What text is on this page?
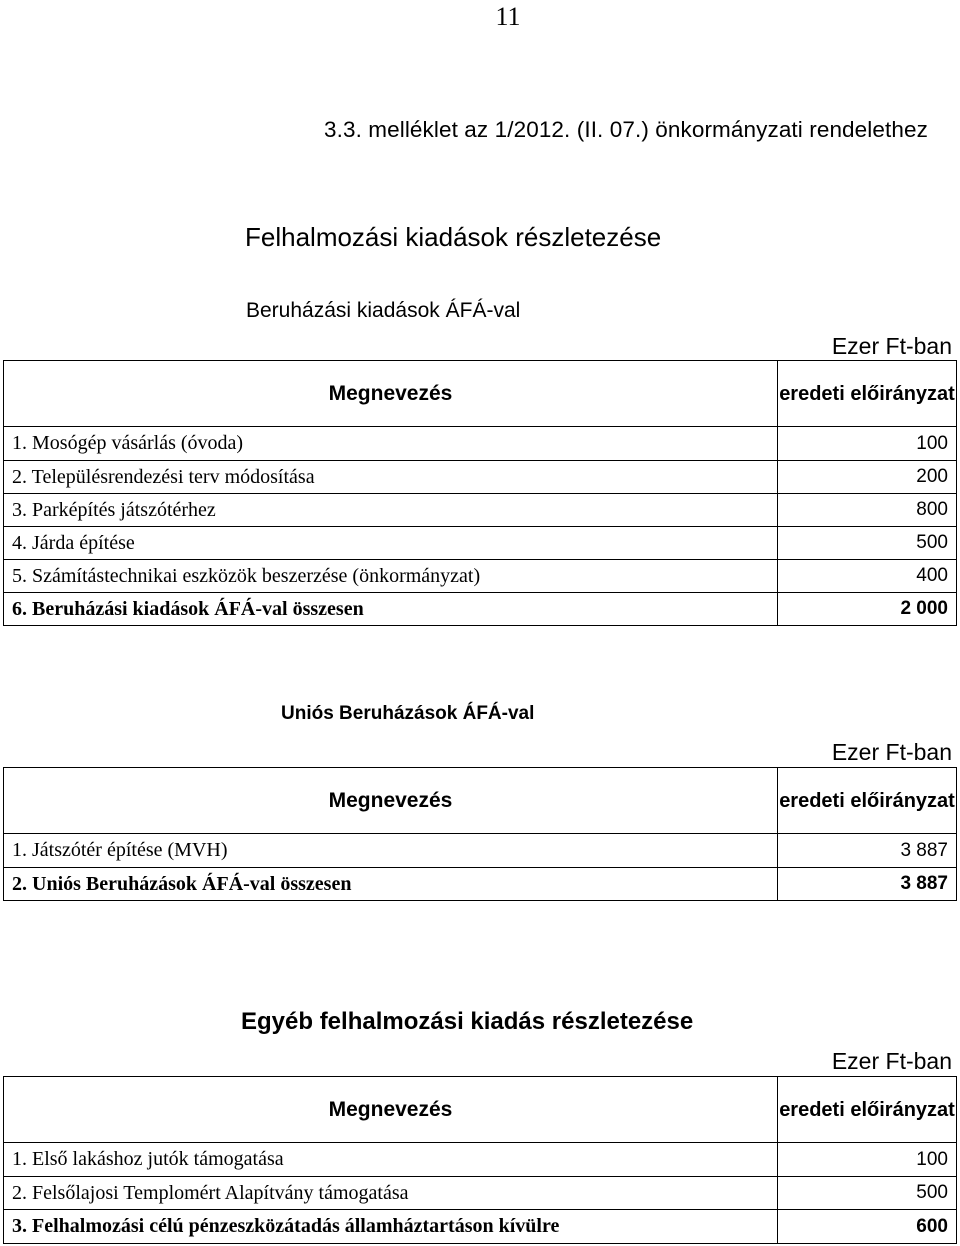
11
3.3. melléklet az 1/2012. (II. 07.) önkormányzati rendelethez
Felhalmozási kiadások részletezése
Beruházási kiadások ÁFÁ-val
Ezer Ft-ban
Megnevezés	eredeti előirányzat
1. Mosógép vásárlás (óvoda)	100
2. Településrendezési terv módosítása	200
3. Parképítés játszótérhez	800
4. Járda építése	500
5. Számítástechnikai eszközök beszerzése (önkormányzat)	400
6. Beruházási kiadások ÁFÁ-val összesen	2 000
Uniós Beruházások ÁFÁ-val
Ezer Ft-ban
Megnevezés	eredeti előirányzat
1. Játszótér építése (MVH)	3 887
2. Uniós Beruházások ÁFÁ-val összesen	3 887
Egyéb felhalmozási kiadás részletezése
Ezer Ft-ban
Megnevezés	eredeti előirányzat
1. Első lakáshoz jutók támogatása	100
2. Felsőlajosi Templomért Alapítvány támogatása	500
3. Felhalmozási célú pénzeszközátadás államháztartáson kívülre	600
